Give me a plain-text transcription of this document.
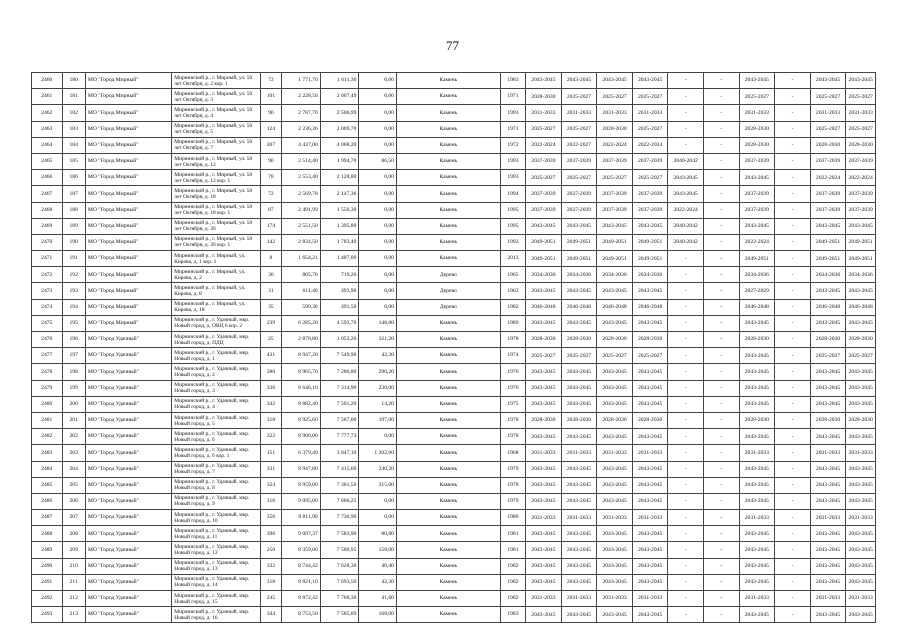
77
2460	180	МО "Город Мирный"	Мирнинский р., г. Мирный, ул. 50 лет Октября, д. 2 кор. 1	72	1 771,70	1 611,30	0,00	Камень	1983	2043-2045	2043-2045	2043-2045	2043-2045	-	-	2043-2045	-	2043-2045	2043-2045
2461	181	МО "Город Мирный"	Мирнинский р., г. Мирный, ул. 50 лет Октября, д. 3	101	2 228,50	2 007,49	0,00	Камень	1971	2028-2030	2025-2027	2025-2027	2025-2027	-	-	2025-2027	-	2025-2027	2025-2027
2462	182	МО "Город Мирный"	Мирнинский р., г. Мирный, ул. 50 лет Октября, д. 4	96	2 787,70	2 506,99	0,00	Камень	1993	2031-2033	2031-2033	2031-2033	2031-2033	-	-	2031-2033	-	2031-2033	2031-2033
2463	183	МО "Город Мирный"	Мирнинский р., г. Мирный, ул. 50 лет Октября, д. 5	124	2 236,36	2 069,70	0,00	Камень	1971	2025-2027	2025-2027	2028-2030	2025-2027	-	-	2028-2030	-	2025-2027	2025-2027
2464	184	МО "Город Мирный"	Мирнинский р., г. Мирный, ул. 50 лет Октября, д. 7	207	4 437,00	4 068,20	0,00	Камень	1972	2022-2024	2022-2027	2022-2024	2022-2024	-	-	2028-2030	-	2028-2030	2028-2030
2465	185	МО "Город Мирный"	Мирнинский р., г. Мирный, ул. 50 лет Октября, д. 12	90	2 514,40	1 994,70	86,50	Камень	1993	2037-2039	2037-2039	2037-2039	2037-2039	2040-2042	-	2037-2039	-	2037-2039	2037-2039
2466	186	МО "Город Мирный"	Мирнинский р., г. Мирный, ул. 50 лет Октября, д. 12 кор. 1	78	2 553,40	2 128,80	0,00	Камень	1993	2025-2027	2025-2027	2025-2027	2025-2027	2043-2045	-	2043-2045	-	2022-2024	2022-2024
2467	187	МО "Город Мирный"	Мирнинский р., г. Мирный, ул. 50 лет Октября, д. 18	72	2 569,78	2 147,36	0,00	Камень	1994	2037-2039	2037-2039	2037-2039	2037-2039	2043-2045	-	2037-2039	-	2037-2039	2037-2039
2468	188	МО "Город Мирный"	Мирнинский р., г. Мирный, ул. 50 лет Октября, д. 18 кор. 1	87	2 491,99	1 556,30	0,00	Камень	1995	2037-2039	2037-2039	2037-2039	2037-2039	2022-2024	-	2037-2039	-	2037-2039	2037-2039
2469	189	МО "Город Мирный"	Мирнинский р., г. Мирный, ул. 50 лет Октября, д. 26	174	2 551,50	1 395,80	0,00	Камень	1995	2043-2045	2043-2045	2043-2045	2043-2045	2040-2042	-	2043-2045	-	2043-2045	2043-2045
2470	190	МО "Город Мирный"	Мирнинский р., г. Мирный, ул. 50 лет Октября, д. 26 кор. 1	142	2 834,50	1 783,40	0,00	Камень	1993	2049-2051	2049-2051	2049-2051	2049-2051	2040-2042	-	2022-2024	-	2049-2051	2049-2051
2471	191	МО "Город Мирный"	Мирнинский р., г. Мирный, ул. Кирова, д. 1 кор. 1	8	1 654,21	1 407,00	0,00	Камень	2013	2049-2051	2049-2051	2049-2051	2049-2051	-	-	2049-2051	-	2049-2051	2049-2051
2472	192	МО "Город Мирный"	Мирнинский р., г. Мирный, ул. Кирова, д. 2	30	805,70	719,20	0,00	Дерево	1965	2034-2036	2034-2036	2034-2036	2034-2036	-	-	2034-2036	-	2034-2036	2034-2036
2473	193	МО "Город Мирный"	Мирнинский р., г. Мирный, ул. Кирова, д. 8	31	611,40	493,90	0,00	Дерево	1963	2043-2045	2043-2045	2043-2045	2043-2045	-	-	2027-2029	-	2043-2045	2043-2045
2474	194	МО "Город Мирный"	Мирнинский р., г. Мирный, ул. Кирова, д. 18	35	599,30	491,50	0,00	Дерево	1982	2046-2048	2046-2048	2046-2048	2046-2048	-	-	2046-2048	-	2046-2048	2046-2048
2475	195	МО "Город Мирный"	Мирнинский р., г. Удачный, мкр. Новый город, д. ОВЦ 6 кор. 2	239	6 285,20	4 593,70	148,80	Камень	1989	2043-2045	2043-2045	2043-2045	2043-2045	-	-	2043-2045	-	2043-2045	2043-2045
2476	196	МО "Город Удачный"	Мирнинский р., г. Удачный, мкр. Новый город, д. ПДЦ	25	2 878,80	1 053,20	321,20	Камень	1978	2028-2030	2028-2030	2028-2030	2028-2030	-	-	2028-2030	-	2028-2030	2028-2030
2477	197	МО "Город Удачный"	Мирнинский р., г. Удачный, мкр. Новый город, д. 1	431	8 947,20	7 549,90	42,30	Камень	1974	2025-2027	2025-2027	2025-2027	2025-2027	-	-	2043-2045	-	2025-2027	2025-2027
2478	198	МО "Город Удачный"	Мирнинский р., г. Удачный, мкр. Новый город, д. 2	380	8 965,70	7 286,80	290,20	Камень	1976	2043-2045	2043-2045	2043-2045	2043-2045	-	-	2043-2045	-	2043-2045	2043-2045
2479	199	МО "Город Удачный"	Мирнинский р., г. Удачный, мкр. Новый город, д. 3	336	8 646,10	7 314,90	230,00	Камень	1976	2043-2045	2043-2045	2043-2045	2043-2045	-	-	2043-2045	-	2043-2045	2043-2045
2480	200	МО "Город Удачный"	Мирнинский р., г. Удачный, мкр. Новый город, д. 4	342	8 882,40	7 501,20	14,20	Камень	1975	2043-2045	2043-2045	2043-2045	2043-2045	-	-	2043-2045	-	2043-2045	2043-2045
2481	201	МО "Город Удачный"	Мирнинский р., г. Удачный, мкр. Новый город, д. 5	318	8 925,60	7 567,00	197,00	Камень	1978	2028-2030	2028-2030	2028-2030	2028-2030	-	-	2028-2030	-	2028-2030	2028-2030
2482	202	МО "Город Удачный"	Мирнинский р., г. Удачный, мкр. Новый город, д. 6	322	8 900,00	7 777,73	0,00	Камень	1978	2043-2045	2043-2045	2043-2045	2043-2045	-	-	2043-2045	-	2043-2045	2043-2045
2483	203	МО "Город Удачный"	Мирнинский р., г. Удачный, мкр. Новый город, д. 6 кор. 1	151	6 379,49	3 847,10	1 202,60	Камень	1968	2031-2033	2031-2033	2031-2033	2031-2033	-	-	2031-2033	-	2031-2033	2031-2033
2484	204	МО "Город Удачный"	Мирнинский р., г. Удачный, мкр. Новый город, д. 7	331	8 947,80	7 415,60	240,20	Камень	1979	2043-2045	2043-2045	2043-2045	2043-2045	-	-	2043-2045	-	2043-2045	2043-2045
2485	205	МО "Город Удачный"	Мирнинский р., г. Удачный, мкр. Новый город, д. 8	324	8 959,00	7 361,50	315,00	Камень	1978	2043-2045	2043-2045	2043-2045	2043-2045	-	-	2043-2045	-	2043-2045	2043-2045
2486	206	МО "Город Удачный"	Мирнинский р., г. Удачный, мкр. Новый город, д. 9	316	9 095,00	7 666,25	0,00	Камень	1979	2043-2045	2043-2045	2043-2045	2043-2045	-	-	2043-2045	-	2043-2045	2043-2045
2487	207	МО "Город Удачный"	Мирнинский р., г. Удачный, мкр. Новый город, д. 10	356	8 811,90	7 730,90	0,00	Камень	1980	2031-2033	2031-2033	2031-2033	2031-2033	-	-	2031-2033	-	2031-2033	2031-2033
2488	208	МО "Город Удачный"	Мирнинский р., г. Удачный, мкр. Новый город, д. 11	396	9 097,37	7 583,90	80,80	Камень	1981	2043-2045	2043-2045	2043-2045	2043-2045	-	-	2043-2045	-	2043-2045	2043-2045
2489	209	МО "Город Удачный"	Мирнинский р., г. Удачный, мкр. Новый город, д. 12	250	8 359,00	7 586,95	158,00	Камень	1981	2043-2045	2043-2045	2043-2045	2043-2045	-	-	2043-2045	-	2043-2045	2043-2045
2490	210	МО "Город Удачный"	Мирнинский р., г. Удачный, мкр. Новый город, д. 13	332	8 744,42	7 628,30	40,40	Камень	1982	2043-2045	2043-2045	2043-2045	2043-2045	-	-	2043-2045	-	2043-2045	2043-2045
2491	211	МО "Город Удачный"	Мирнинский р., г. Удачный, мкр. Новый город, д. 14	318	8 821,10	7 693,50	42,30	Камень	1982	2043-2045	2043-2045	2043-2045	2043-2045	-	-	2043-2045	-	2043-2045	2043-2045
2492	212	МО "Город Удачный"	Мирнинский р., г. Удачный, мкр. Новый город, д. 15	245	8 872,42	7 768,30	41,60	Камень	1982	2031-2033	2031-2033	2031-2033	2031-2033	-	-	2031-2033	-	2031-2033	2031-2033
2493	213	МО "Город Удачный"	Мирнинский р., г. Удачный, мкр. Новый город, д. 16	344	8 753,50	7 585,89	168,00	Камень	1983	2043-2045	2043-2045	2043-2045	2043-2045	-	-	2043-2045	-	2043-2045	2043-2045
